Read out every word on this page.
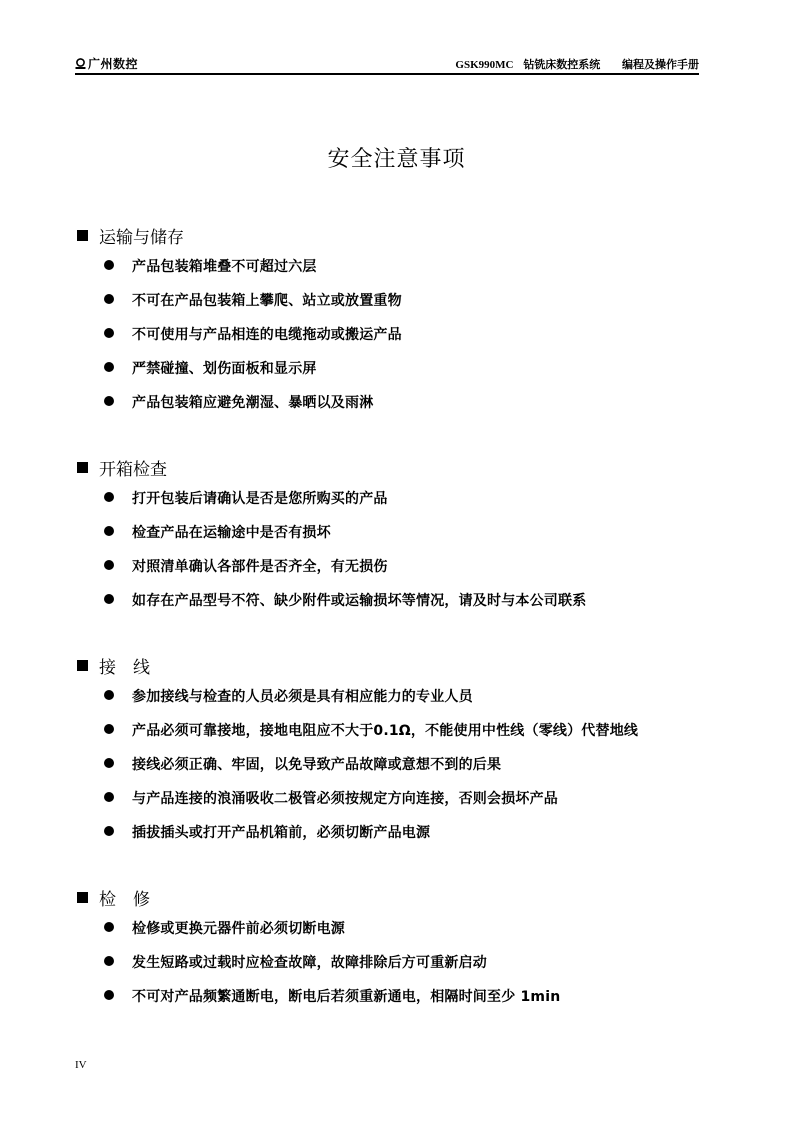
广州数控	GSK990MC 钻铣床数控系统 编程及操作手册
安全注意事项
运输与储存
产品包装箱堆叠不可超过六层
不可在产品包装箱上攀爬、站立或放置重物
不可使用与产品相连的电缆拖动或搬运产品
严禁碰撞、划伤面板和显示屏
产品包装箱应避免潮湿、暴晒以及雨淋
开箱检查
打开包装后请确认是否是您所购买的产品
检查产品在运输途中是否有损坏
对照清单确认各部件是否齐全，有无损伤
如存在产品型号不符、缺少附件或运输损坏等情况，请及时与本公司联系
接　线
参加接线与检查的人员必须是具有相应能力的专业人员
产品必须可靠接地，接地电阻应不大于0.1Ω，不能使用中性线（零线）代替地线
接线必须正确、牢固，以免导致产品故障或意想不到的后果
与产品连接的浪涌吸收二极管必须按规定方向连接，否则会损坏产品
插拔插头或打开产品机箱前，必须切断产品电源
检　修
检修或更换元器件前必须切断电源
发生短路或过载时应检查故障，故障排除后方可重新启动
不可对产品频繁通断电，断电后若须重新通电，相隔时间至少 1min
IV
